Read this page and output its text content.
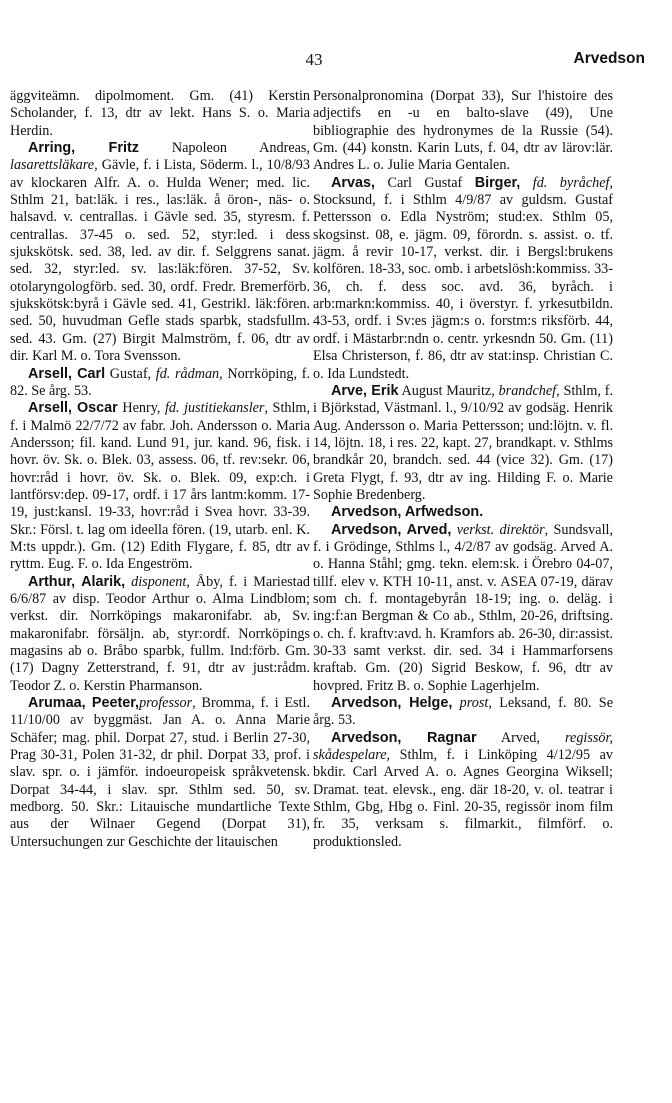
43	Arvedson

äggviteämn. dipolmoment. Gm. (41) Kerstin Scholander, f. 13, dtr av lekt. Hans S. o. Maria Herdin.

Arring, Fritz Napoleon Andreas, lasarettsläkare, Gävle, f. i Lista, Söderm. l., 10/8/93 av klockaren Alfr. A. o. Hulda Wener; med. lic. Sthlm 21, bat:läk. i res., las:läk. å öron-, näs- o. halsavd. v. centrallas. i Gävle sed. 35, styresm. f. centrallas. 37-45 o. sed. 52, styr:led. i dess sjukskötsk. sed. 38, led. av dir. f. Selggrens sanat. sed. 32, styr:led. sv. las:läk:fören. 37-52, Sv. otolaryngologförb. sed. 30, ordf. Fredr. Bremerförb. sjukskötsk:byrå i Gävle sed. 41, Gestrikl. läk:fören. sed. 50, huvudman Gefle stads sparbk, stadsfullm. sed. 43. Gm. (27) Birgit Malmström, f. 06, dtr av dir. Karl M. o. Tora Svensson.

Arsell, Carl Gustaf, fd. rådman, Norrköping, f. 82. Se årg. 53.

Arsell, Oscar Henry, fd. justitiekansler, Sthlm, f. i Malmö 22/7/72 av fabr. Joh. Andersson o. Maria Andersson; fil. kand. Lund 91, jur. kand. 96, fisk. i hovr. öv. Sk. o. Blek. 03, assess. 06, tf. rev:sekr. 06, hovr:råd i hovr. öv. Sk. o. Blek. 09, exp:ch. i lantförsv:dep. 09-17, ordf. i 17 års lantm:komm. 17-19, just:kansl. 19-33, hovr:råd i Svea hovr. 33-39. Skr.: Försl. t. lag om ideella fören. (19, utarb. enl. K. M:ts uppdr.). Gm. (12) Edith Flygare, f. 85, dtr av ryttm. Eug. F. o. Ida Engeström.

Arthur, Alarik, disponent, Åby, f. i Mariestad 6/6/87 av disp. Teodor Arthur o. Alma Lindblom; verkst. dir. Norrköpings makaronifabr. ab, Sv. makaronifabr. försäljn. ab, styr:ordf. Norrköpings magasins ab o. Bråbo sparbk, fullm. Ind:förb. Gm. (17) Dagny Zetterstrand, f. 91, dtr av just:rådm. Teodor Z. o. Kerstin Pharmanson.

Arumaa, Peeter,professor, Bromma, f. i Estl. 11/10/00 av byggmäst. Jan A. o. Anna Marie Schäfer; mag. phil. Dorpat 27, stud. i Berlin 27-30, Prag 30-31, Polen 31-32, dr phil. Dorpat 33, prof. i slav. spr. o. i jämför. indoeuropeisk språkvetensk. Dorpat 34-44, i slav. spr. Sthlm sed. 50, sv. medborg. 50. Skr.: Litauische mundartliche Texte aus der Wilnaer Gegend (Dorpat 31), Untersuchungen zur Geschichte der litauischen

Personalpronomina (Dorpat 33), Sur l'histoire des adjectifs en -u en balto-slave (49), Une bibliographie des hydronymes de la Russie (54). Gm. (44) konstn. Karin Luts, f. 04, dtr av lärov:lär. Andres L. o. Julie Maria Gentalen.

Arvas, Carl Gustaf Birger, fd. byråchef, Stocksund, f. i Sthlm 4/9/87 av guldsm. Gustaf Pettersson o. Edla Nyström; stud:ex. Sthlm 05, skogsinst. 08, e. jägm. 09, förordn. s. assist. o. tf. jägm. å revir 10-17, verkst. dir. i Bergsl:brukens kolfören. 18-33, soc. omb. i arbetslösh:kommiss. 33-36, ch. f. dess soc. avd. 36, byråch. i arb:markn:kommiss. 40, i överstyr. f. yrkesutbildn. 43-53, ordf. i Sv:es jägm:s o. forstm:s riksförb. 44, ordf. i Mästarbr:ndn o. centr. yrkesndn 50. Gm. (11) Elsa Christerson, f. 86, dtr av stat:insp. Christian C. o. Ida Lundstedt.

Arve, Erik August Mauritz, brandchef, Sthlm, f. i Björkstad, Västmanl. l., 9/10/92 av godsäg. Henrik Aug. Andersson o. Maria Pettersson; und:löjtn. v. fl. 14, löjtn. 18, i res. 22, kapt. 27, brandkapt. v. Sthlms brandkår 20, brandch. sed. 44 (vice 32). Gm. (17) Greta Flygt, f. 93, dtr av ing. Hilding F. o. Marie Sophie Bredenberg.

Arvedson, Arfwedson.

Arvedson, Arved, verkst. direktör, Sundsvall, f. i Grödinge, Sthlms l., 4/2/87 av godsäg. Arved A. o. Hanna Ståhl; gmg. tekn. elem:sk. i Örebro 04-07, tillf. elev v. KTH 10-11, anst. v. ASEA 07-19, därav som ch. f. montagebyrån 18-19; ing. o. deläg. i ing:f:an Bergman & Co ab., Sthlm, 20-26, driftsing. o. ch. f. kraftv:avd. h. Kramfors ab. 26-30, dir:assist. 30-33 samt verkst. dir. sed. 34 i Hammarforsens kraftab. Gm. (20) Sigrid Beskow, f. 96, dtr av hovpred. Fritz B. o. Sophie Lagerhjelm.

Arvedson, Helge, prost, Leksand, f. 80. Se årg. 53.

Arvedson, Ragnar Arved, regissör, skådespelare, Sthlm, f. i Linköping 4/12/95 av bkdir. Carl Arved A. o. Agnes Georgina Wiksell; Dramat. teat. elevsk., eng. där 18-20, v. ol. teatrar i Sthlm, Gbg, Hbg o. Finl. 20-35, regissör inom film fr. 35, verksam s. filmarkit., filmförf. o. produktionsled.
